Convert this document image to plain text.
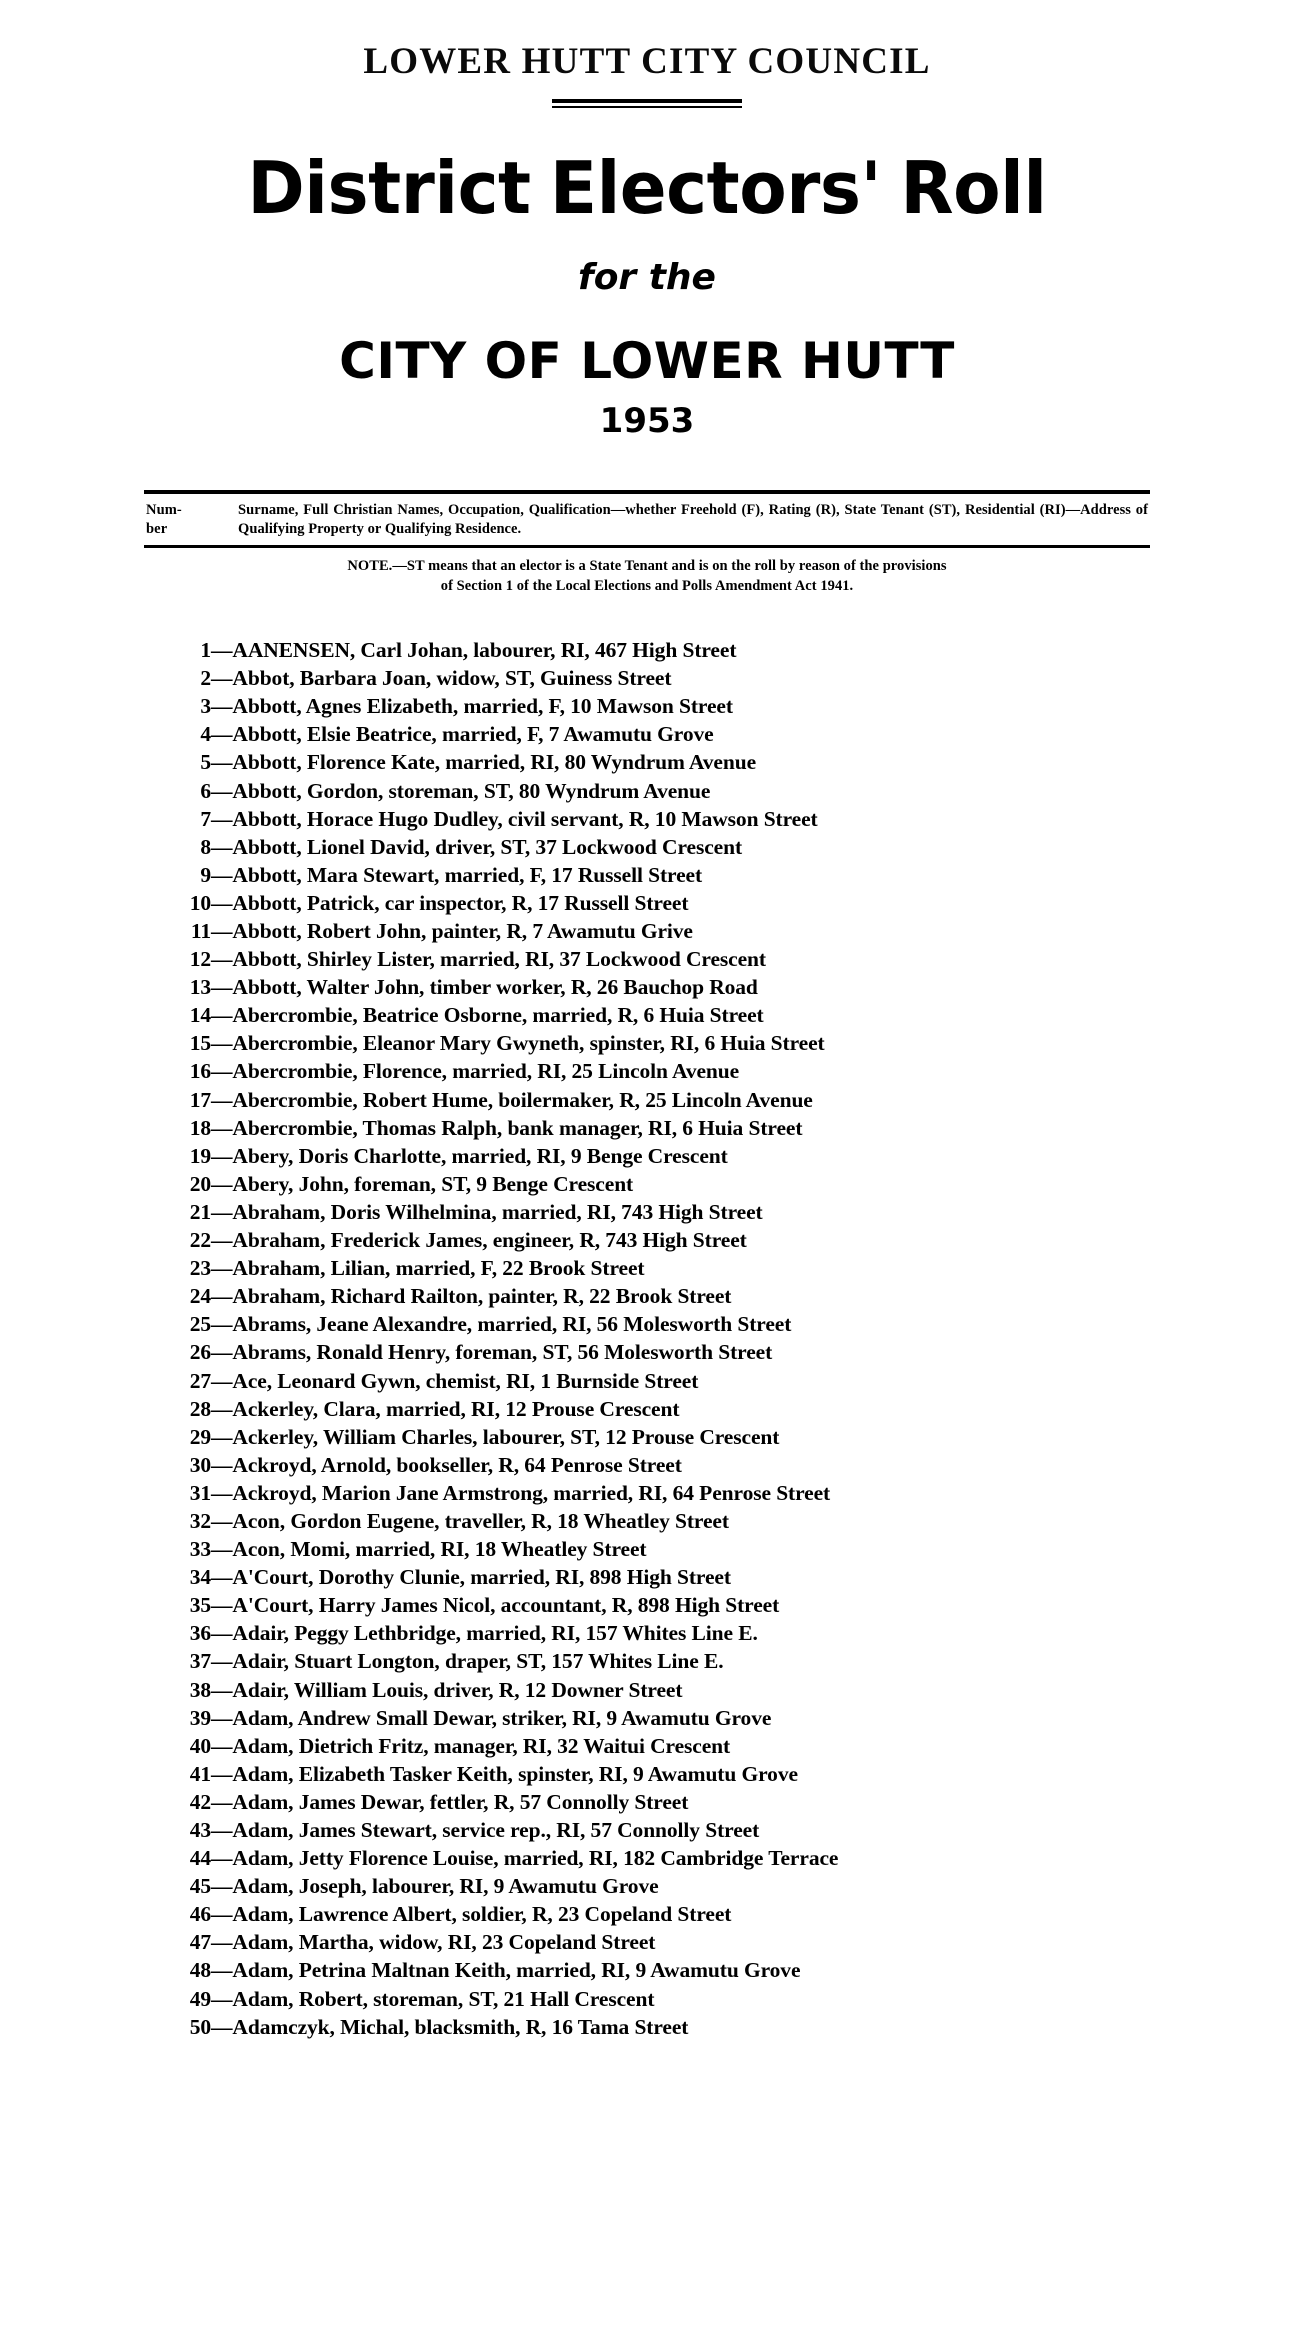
LOWER HUTT CITY COUNCIL
District Electors' Roll
for the
CITY OF LOWER HUTT
1953
Num-
ber
Surname, Full Christian Names, Occupation, Qualification—whether Freehold (F), Rating (R), State Tenant (ST), Residential (RI)—Address of Qualifying Property or Qualifying Residence.
NOTE.—ST means that an elector is a State Tenant and is on the roll by reason of the provisions
of Section 1 of the Local Elections and Polls Amendment Act 1941.
1—AANENSEN, Carl Johan, labourer, RI, 467 High Street
2—Abbot, Barbara Joan, widow, ST, Guiness Street
3—Abbott, Agnes Elizabeth, married, F, 10 Mawson Street
4—Abbott, Elsie Beatrice, married, F, 7 Awamutu Grove
5—Abbott, Florence Kate, married, RI, 80 Wyndrum Avenue
6—Abbott, Gordon, storeman, ST, 80 Wyndrum Avenue
7—Abbott, Horace Hugo Dudley, civil servant, R, 10 Mawson Street
8—Abbott, Lionel David, driver, ST, 37 Lockwood Crescent
9—Abbott, Mara Stewart, married, F, 17 Russell Street
10—Abbott, Patrick, car inspector, R, 17 Russell Street
11—Abbott, Robert John, painter, R, 7 Awamutu Grive
12—Abbott, Shirley Lister, married, RI, 37 Lockwood Crescent
13—Abbott, Walter John, timber worker, R, 26 Bauchop Road
14—Abercrombie, Beatrice Osborne, married, R, 6 Huia Street
15—Abercrombie, Eleanor Mary Gwyneth, spinster, RI, 6 Huia Street
16—Abercrombie, Florence, married, RI, 25 Lincoln Avenue
17—Abercrombie, Robert Hume, boilermaker, R, 25 Lincoln Avenue
18—Abercrombie, Thomas Ralph, bank manager, RI, 6 Huia Street
19—Abery, Doris Charlotte, married, RI, 9 Benge Crescent
20—Abery, John, foreman, ST, 9 Benge Crescent
21—Abraham, Doris Wilhelmina, married, RI, 743 High Street
22—Abraham, Frederick James, engineer, R, 743 High Street
23—Abraham, Lilian, married, F, 22 Brook Street
24—Abraham, Richard Railton, painter, R, 22 Brook Street
25—Abrams, Jeane Alexandre, married, RI, 56 Molesworth Street
26—Abrams, Ronald Henry, foreman, ST, 56 Molesworth Street
27—Ace, Leonard Gywn, chemist, RI, 1 Burnside Street
28—Ackerley, Clara, married, RI, 12 Prouse Crescent
29—Ackerley, William Charles, labourer, ST, 12 Prouse Crescent
30—Ackroyd, Arnold, bookseller, R, 64 Penrose Street
31—Ackroyd, Marion Jane Armstrong, married, RI, 64 Penrose Street
32—Acon, Gordon Eugene, traveller, R, 18 Wheatley Street
33—Acon, Momi, married, RI, 18 Wheatley Street
34—A'Court, Dorothy Clunie, married, RI, 898 High Street
35—A'Court, Harry James Nicol, accountant, R, 898 High Street
36—Adair, Peggy Lethbridge, married, RI, 157 Whites Line E.
37—Adair, Stuart Longton, draper, ST, 157 Whites Line E.
38—Adair, William Louis, driver, R, 12 Downer Street
39—Adam, Andrew Small Dewar, striker, RI, 9 Awamutu Grove
40—Adam, Dietrich Fritz, manager, RI, 32 Waitui Crescent
41—Adam, Elizabeth Tasker Keith, spinster, RI, 9 Awamutu Grove
42—Adam, James Dewar, fettler, R, 57 Connolly Street
43—Adam, James Stewart, service rep., RI, 57 Connolly Street
44—Adam, Jetty Florence Louise, married, RI, 182 Cambridge Terrace
45—Adam, Joseph, labourer, RI, 9 Awamutu Grove
46—Adam, Lawrence Albert, soldier, R, 23 Copeland Street
47—Adam, Martha, widow, RI, 23 Copeland Street
48—Adam, Petrina Maltnan Keith, married, RI, 9 Awamutu Grove
49—Adam, Robert, storeman, ST, 21 Hall Crescent
50—Adamczyk, Michal, blacksmith, R, 16 Tama Street
